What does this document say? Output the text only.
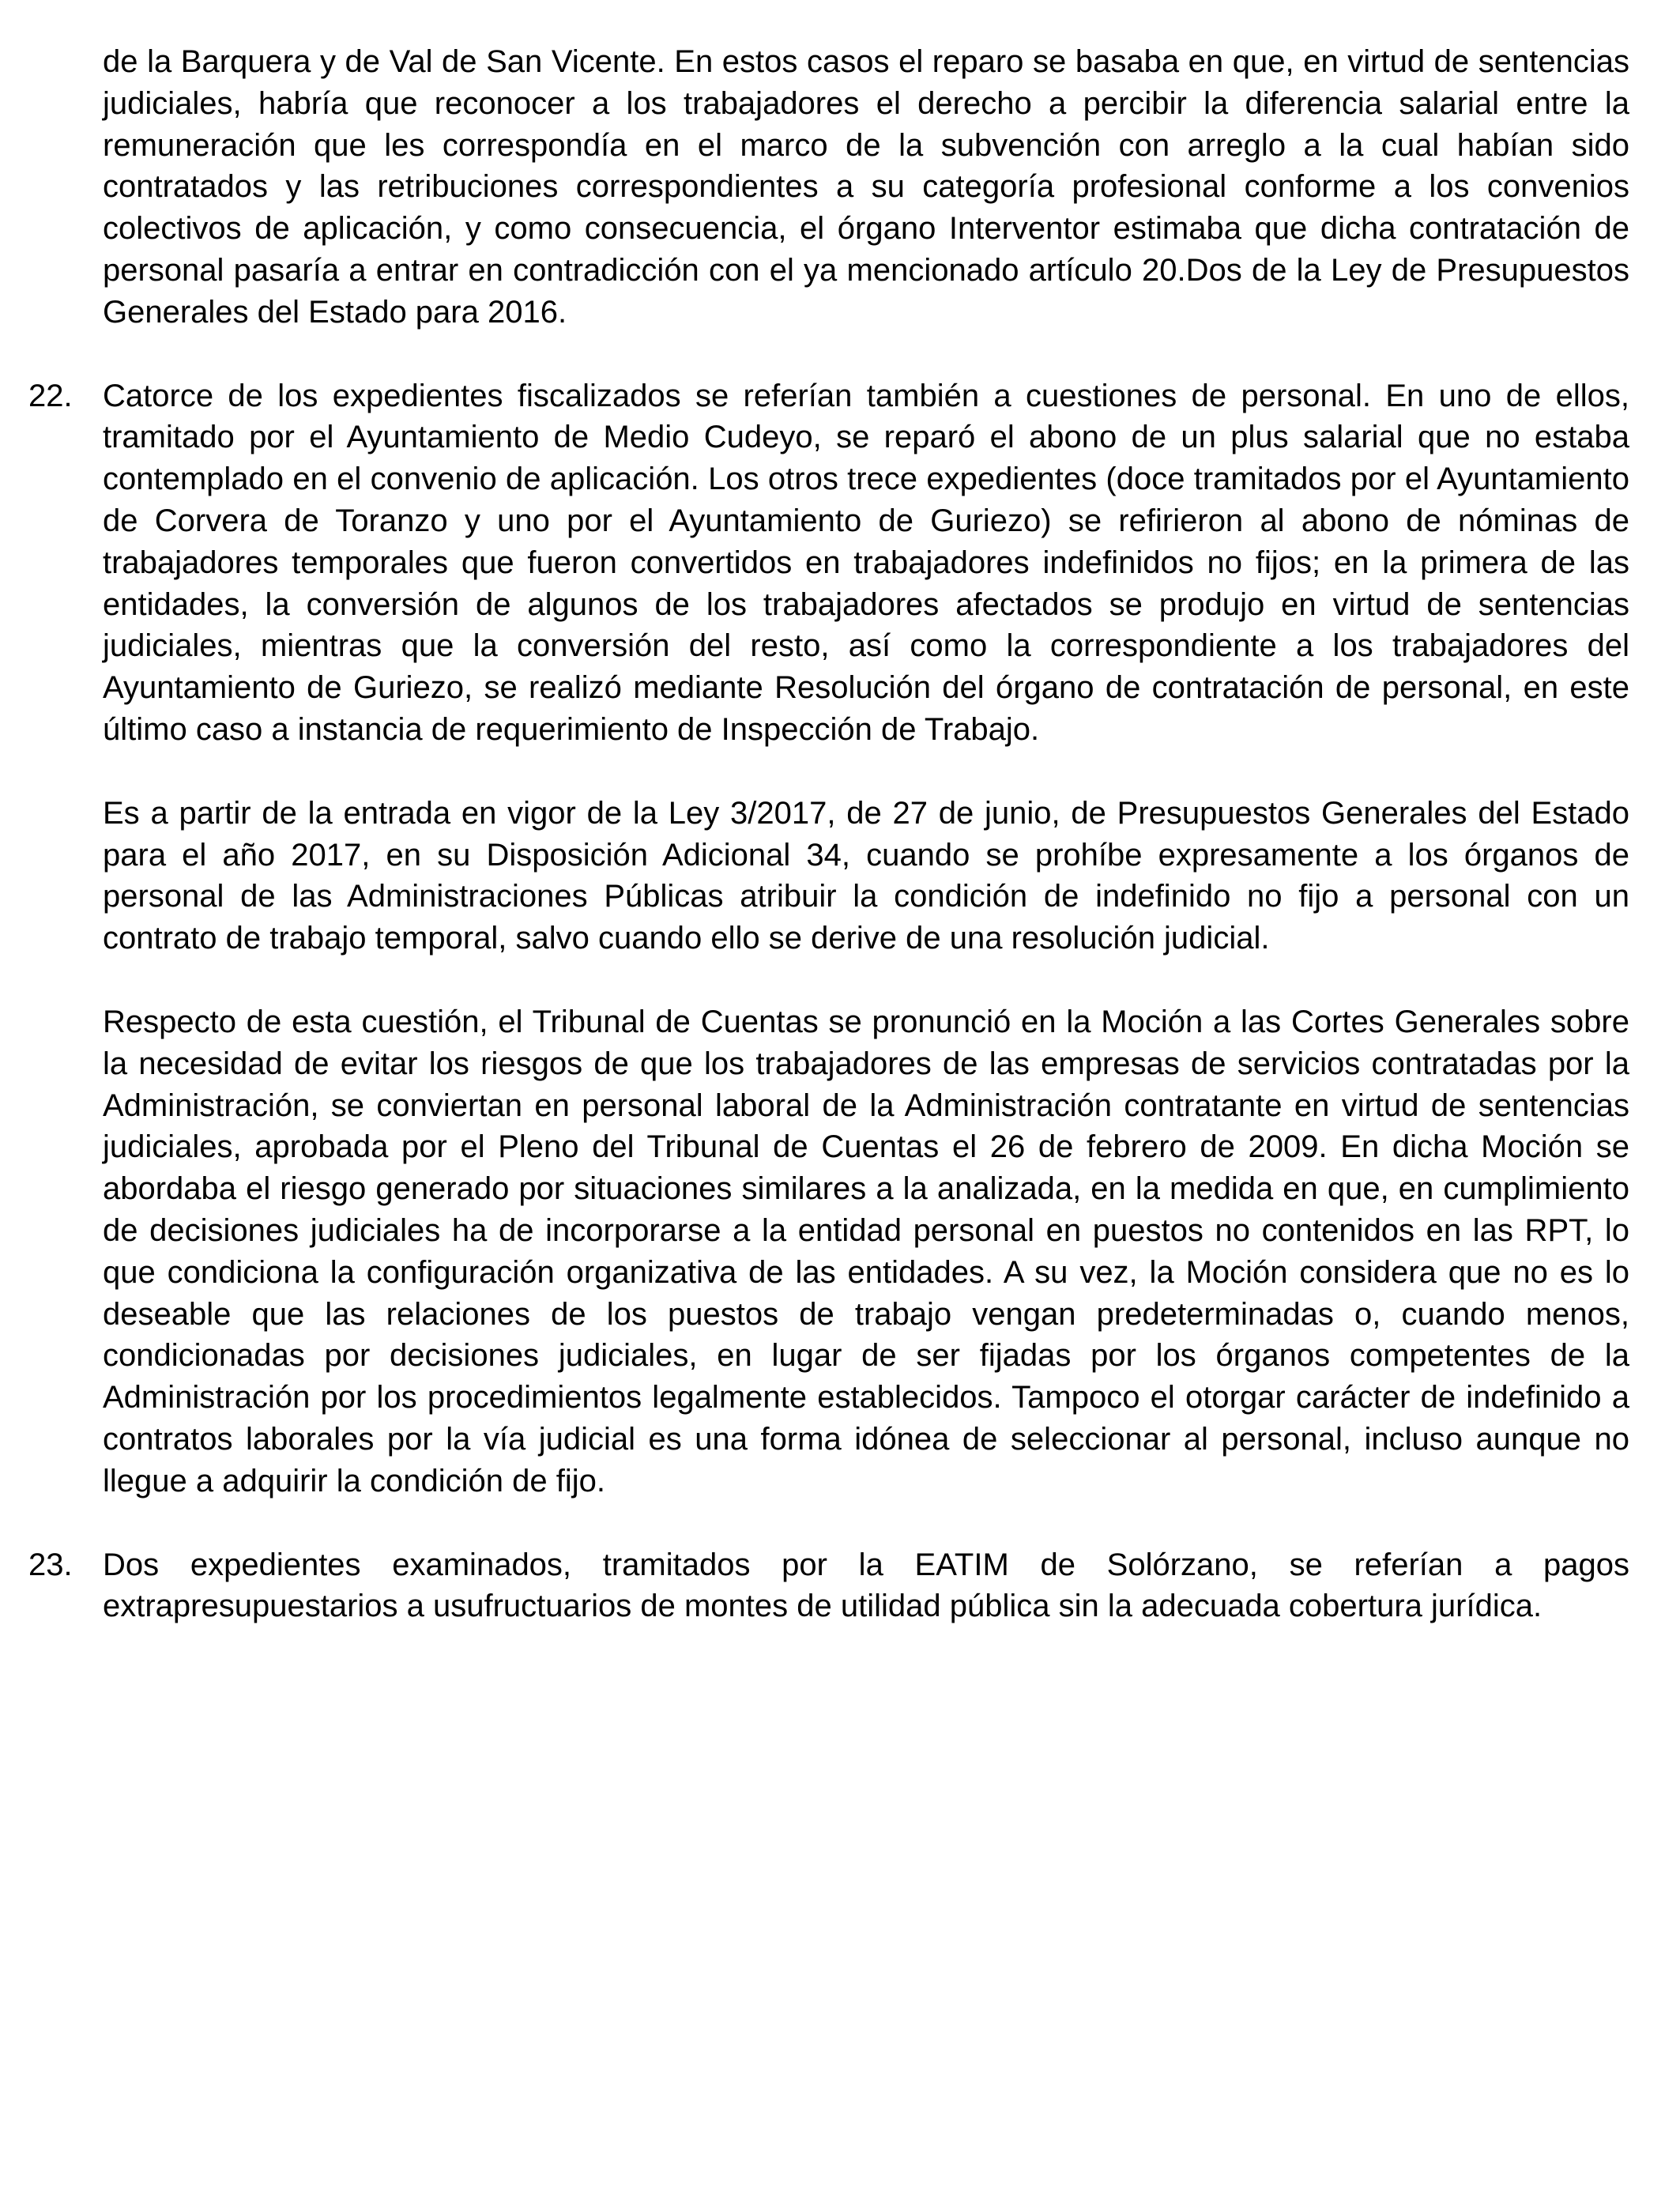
de la Barquera y de Val de San Vicente. En estos casos el reparo se basaba en que, en virtud de sentencias judiciales, habría que reconocer a los trabajadores el derecho a percibir la diferencia salarial entre la remuneración que les correspondía en el marco de la subvención con arreglo a la cual habían sido contratados y las retribuciones correspondientes a su categoría profesional conforme a los convenios colectivos de aplicación, y como consecuencia, el órgano Interventor estimaba que dicha contratación de personal pasaría a entrar en contradicción con el ya mencionado artículo 20.Dos de la Ley de Presupuestos Generales del Estado para 2016.

22. Catorce de los expedientes fiscalizados se referían también a cuestiones de personal. En uno de ellos, tramitado por el Ayuntamiento de Medio Cudeyo, se reparó el abono de un plus salarial que no estaba contemplado en el convenio de aplicación. Los otros trece expedientes (doce tramitados por el Ayuntamiento de Corvera de Toranzo y uno por el Ayuntamiento de Guriezo) se refirieron al abono de nóminas de trabajadores temporales que fueron convertidos en trabajadores indefinidos no fijos; en la primera de las entidades, la conversión de algunos de los trabajadores afectados se produjo en virtud de sentencias judiciales, mientras que la conversión del resto, así como la correspondiente a los trabajadores del Ayuntamiento de Guriezo, se realizó mediante Resolución del órgano de contratación de personal, en este último caso a instancia de requerimiento de Inspección de Trabajo.

Es a partir de la entrada en vigor de la Ley 3/2017, de 27 de junio, de Presupuestos Generales del Estado para el año 2017, en su Disposición Adicional 34, cuando se prohíbe expresamente a los órganos de personal de las Administraciones Públicas atribuir la condición de indefinido no fijo a personal con un contrato de trabajo temporal, salvo cuando ello se derive de una resolución judicial.

Respecto de esta cuestión, el Tribunal de Cuentas se pronunció en la Moción a las Cortes Generales sobre la necesidad de evitar los riesgos de que los trabajadores de las empresas de servicios contratadas por la Administración, se conviertan en personal laboral de la Administración contratante en virtud de sentencias judiciales, aprobada por el Pleno del Tribunal de Cuentas el 26 de febrero de 2009. En dicha Moción se abordaba el riesgo generado por situaciones similares a la analizada, en la medida en que, en cumplimiento de decisiones judiciales ha de incorporarse a la entidad personal en puestos no contenidos en las RPT, lo que condiciona la configuración organizativa de las entidades. A su vez, la Moción considera que no es lo deseable que las relaciones de los puestos de trabajo vengan predeterminadas o, cuando menos, condicionadas por decisiones judiciales, en lugar de ser fijadas por los órganos competentes de la Administración por los procedimientos legalmente establecidos. Tampoco el otorgar carácter de indefinido a contratos laborales por la vía judicial es una forma idónea de seleccionar al personal, incluso aunque no llegue a adquirir la condición de fijo.

23. Dos expedientes examinados, tramitados por la EATIM de Solórzano, se referían a pagos extrapresupuestarios a usufructuarios de montes de utilidad pública sin la adecuada cobertura jurídica.
